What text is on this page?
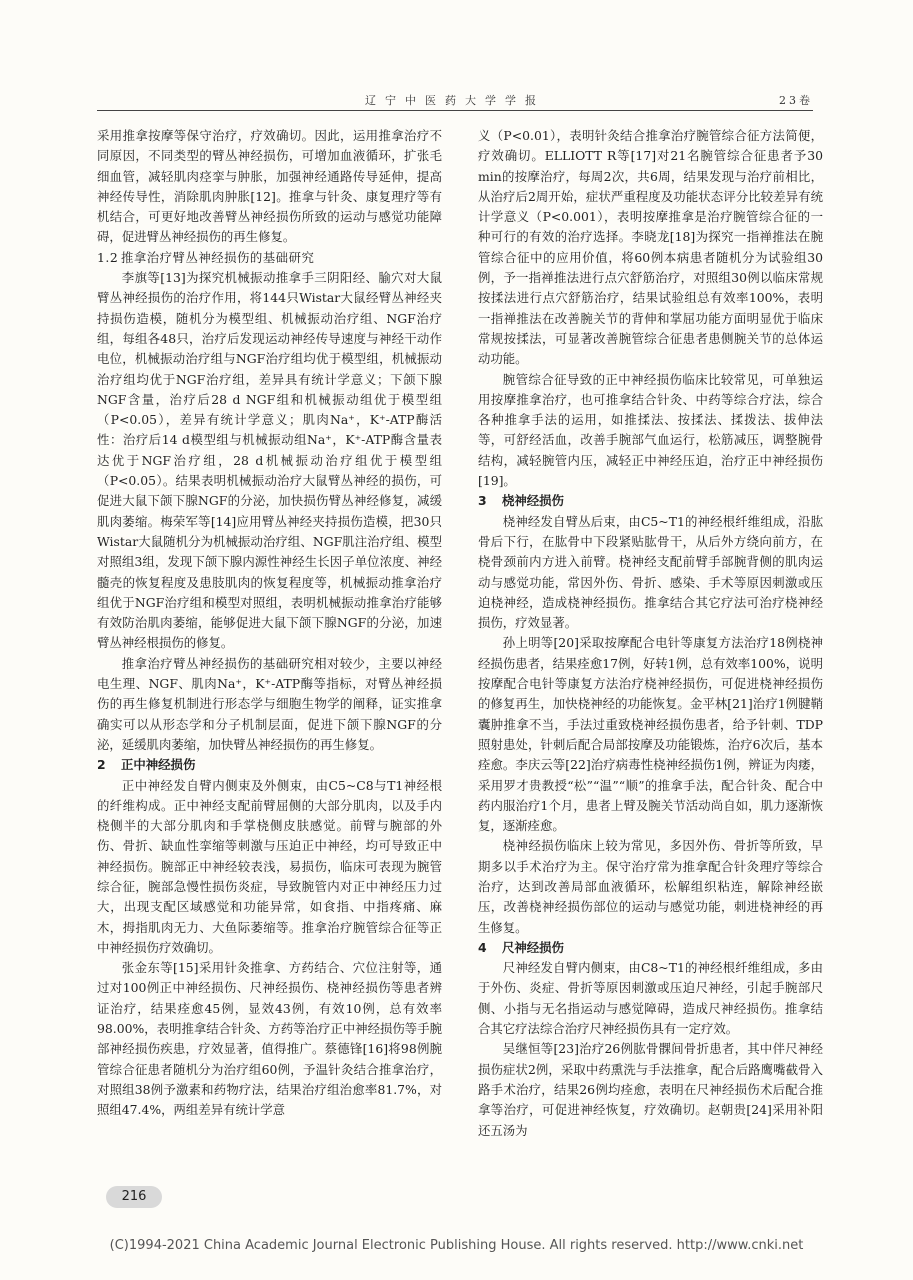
辽宁中医药大学学报	23卷

采用推拿按摩等保守治疗，疗效确切。因此，运用推拿治疗不同原因，不同类型的臂丛神经损伤，可增加血液循环，扩张毛细血管，减轻肌肉痉挛与肿胀，加强神经通路传导延伸，提高神经传导性，消除肌肉肿胀[12]。推拿与针灸、康复理疗等有机结合，可更好地改善臂丛神经损伤所致的运动与感觉功能障碍，促进臂丛神经损伤的再生修复。

1.2 推拿治疗臂丛神经损伤的基础研究

李旗等[13]为探究机械振动推拿手三阴阳经、腧穴对大鼠臂丛神经损伤的治疗作用，将144只Wistar大鼠经臂丛神经夹持损伤造模，随机分为模型组、机械振动治疗组、NGF治疗组，每组各48只，治疗后发现运动神经传导速度与神经干动作电位，机械振动治疗组与NGF治疗组均优于模型组，机械振动治疗组均优于NGF治疗组，差异具有统计学意义；下颌下腺NGF含量，治疗后28 d NGF组和机械振动组优于模型组（P<0.05），差异有统计学意义；肌肉Na⁺，K⁺-ATP酶活性：治疗后14 d模型组与机械振动组Na⁺，K⁺-ATP酶含量表达优于NGF治疗组，28 d机械振动治疗组优于模型组（P<0.05）。结果表明机械振动治疗大鼠臂丛神经的损伤，可促进大鼠下颌下腺NGF的分泌，加快损伤臂丛神经修复，减缓肌肉萎缩。梅荣军等[14]应用臂丛神经夹持损伤造模，把30只Wistar大鼠随机分为机械振动治疗组、NGF肌注治疗组、模型对照组3组，发现下颌下腺内源性神经生长因子单位浓度、神经髓壳的恢复程度及患肢肌肉的恢复程度等，机械振动推拿治疗组优于NGF治疗组和模型对照组，表明机械振动推拿治疗能够有效防治肌肉萎缩，能够促进大鼠下颌下腺NGF的分泌，加速臂丛神经根损伤的修复。

推拿治疗臂丛神经损伤的基础研究相对较少，主要以神经电生理、NGF、肌肉Na⁺，K⁺-ATP酶等指标，对臂丛神经损伤的再生修复机制进行形态学与细胞生物学的阐释，证实推拿确实可以从形态学和分子机制层面，促进下颌下腺NGF的分泌，延缓肌肉萎缩，加快臂丛神经损伤的再生修复。

2 正中神经损伤

正中神经发自臂内侧束及外侧束，由C5~C8与T1神经根的纤维构成。正中神经支配前臂屈侧的大部分肌肉，以及手内桡侧半的大部分肌肉和手掌桡侧皮肤感觉。前臂与腕部的外伤、骨折、缺血性挛缩等刺激与压迫正中神经，均可导致正中神经损伤。腕部正中神经较表浅，易损伤，临床可表现为腕管综合征，腕部急慢性损伤炎症，导致腕管内对正中神经压力过大，出现支配区域感觉和功能异常，如食指、中指疼痛、麻木，拇指肌肉无力、大鱼际萎缩等。推拿治疗腕管综合征等正中神经损伤疗效确切。

张金东等[15]采用针灸推拿、方药结合、穴位注射等，通过对100例正中神经损伤、尺神经损伤、桡神经损伤等患者辨证治疗，结果痊愈45例，显效43例，有效10例，总有效率98.00%，表明推拿结合针灸、方药等治疗正中神经损伤等手腕部神经损伤疾患，疗效显著，值得推广。蔡德锋[16]将98例腕管综合征患者随机分为治疗组60例，予温针灸结合推拿治疗，对照组38例予激素和药物疗法，结果治疗组治愈率81.7%，对照组47.4%，两组差异有统计学意

义（P<0.01），表明针灸结合推拿治疗腕管综合征方法简便，疗效确切。ELLIOTT R等[17]对21名腕管综合征患者予30 min的按摩治疗，每周2次，共6周，结果发现与治疗前相比，从治疗后2周开始，症状严重程度及功能状态评分比较差异有统计学意义（P<0.001），表明按摩推拿是治疗腕管综合征的一种可行的有效的治疗选择。李晓龙[18]为探究一指禅推法在腕管综合征中的应用价值，将60例本病患者随机分为试验组30例，予一指禅推法进行点穴舒筋治疗，对照组30例以临床常规按揉法进行点穴舒筋治疗，结果试验组总有效率100%，表明一指禅推法在改善腕关节的背伸和掌屈功能方面明显优于临床常规按揉法，可显著改善腕管综合征患者患侧腕关节的总体运动功能。

腕管综合征导致的正中神经损伤临床比较常见，可单独运用按摩推拿治疗，也可推拿结合针灸、中药等综合疗法，综合各种推拿手法的运用，如推揉法、按揉法、揉拨法、拔伸法等，可舒经活血，改善手腕部气血运行，松筋减压，调整腕骨结构，减轻腕管内压，减轻正中神经压迫，治疗正中神经损伤[19]。

3 桡神经损伤

桡神经发自臂丛后束，由C5~T1的神经根纤维组成，沿肱骨后下行，在肱骨中下段紧贴肱骨干，从后外方绕向前方，在桡骨颈前内方进入前臂。桡神经支配前臂手部腕背侧的肌肉运动与感觉功能，常因外伤、骨折、感染、手术等原因刺激或压迫桡神经，造成桡神经损伤。推拿结合其它疗法可治疗桡神经损伤，疗效显著。

孙上明等[20]采取按摩配合电针等康复方法治疗18例桡神经损伤患者，结果痊愈17例，好转1例，总有效率100%，说明按摩配合电针等康复方法治疗桡神经损伤，可促进桡神经损伤的修复再生，加快桡神经的功能恢复。金平林[21]治疗1例腱鞘囊肿推拿不当，手法过重致桡神经损伤患者，给予针刺、TDP照射患处，针刺后配合局部按摩及功能锻炼，治疗6次后，基本痊愈。李庆云等[22]治疗病毒性桡神经损伤1例，辨证为肉痿，采用罗才贵教授“松”“温”“顺”的推拿手法，配合针灸、配合中药内服治疗1个月，患者上臂及腕关节活动尚自如，肌力逐渐恢复，逐渐痊愈。

桡神经损伤临床上较为常见，多因外伤、骨折等所致，早期多以手术治疗为主。保守治疗常为推拿配合针灸理疗等综合治疗，达到改善局部血液循环，松解组织粘连，解除神经嵌压，改善桡神经损伤部位的运动与感觉功能，刺进桡神经的再生修复。

4 尺神经损伤

尺神经发自臂内侧束，由C8~T1的神经根纤维组成，多由于外伤、炎症、骨折等原因刺激或压迫尺神经，引起手腕部尺侧、小指与无名指运动与感觉障碍，造成尺神经损伤。推拿结合其它疗法综合治疗尺神经损伤具有一定疗效。

吴继恒等[23]治疗26例肱骨髁间骨折患者，其中伴尺神经损伤症状2例，采取中药熏洗与手法推拿，配合后路鹰嘴截骨入路手术治疗，结果26例均痊愈，表明在尺神经损伤术后配合推拿等治疗，可促进神经恢复，疗效确切。赵朝贵[24]采用补阳还五汤为

216
(C)1994-2021 China Academic Journal Electronic Publishing House. All rights reserved. http://www.cnki.net
